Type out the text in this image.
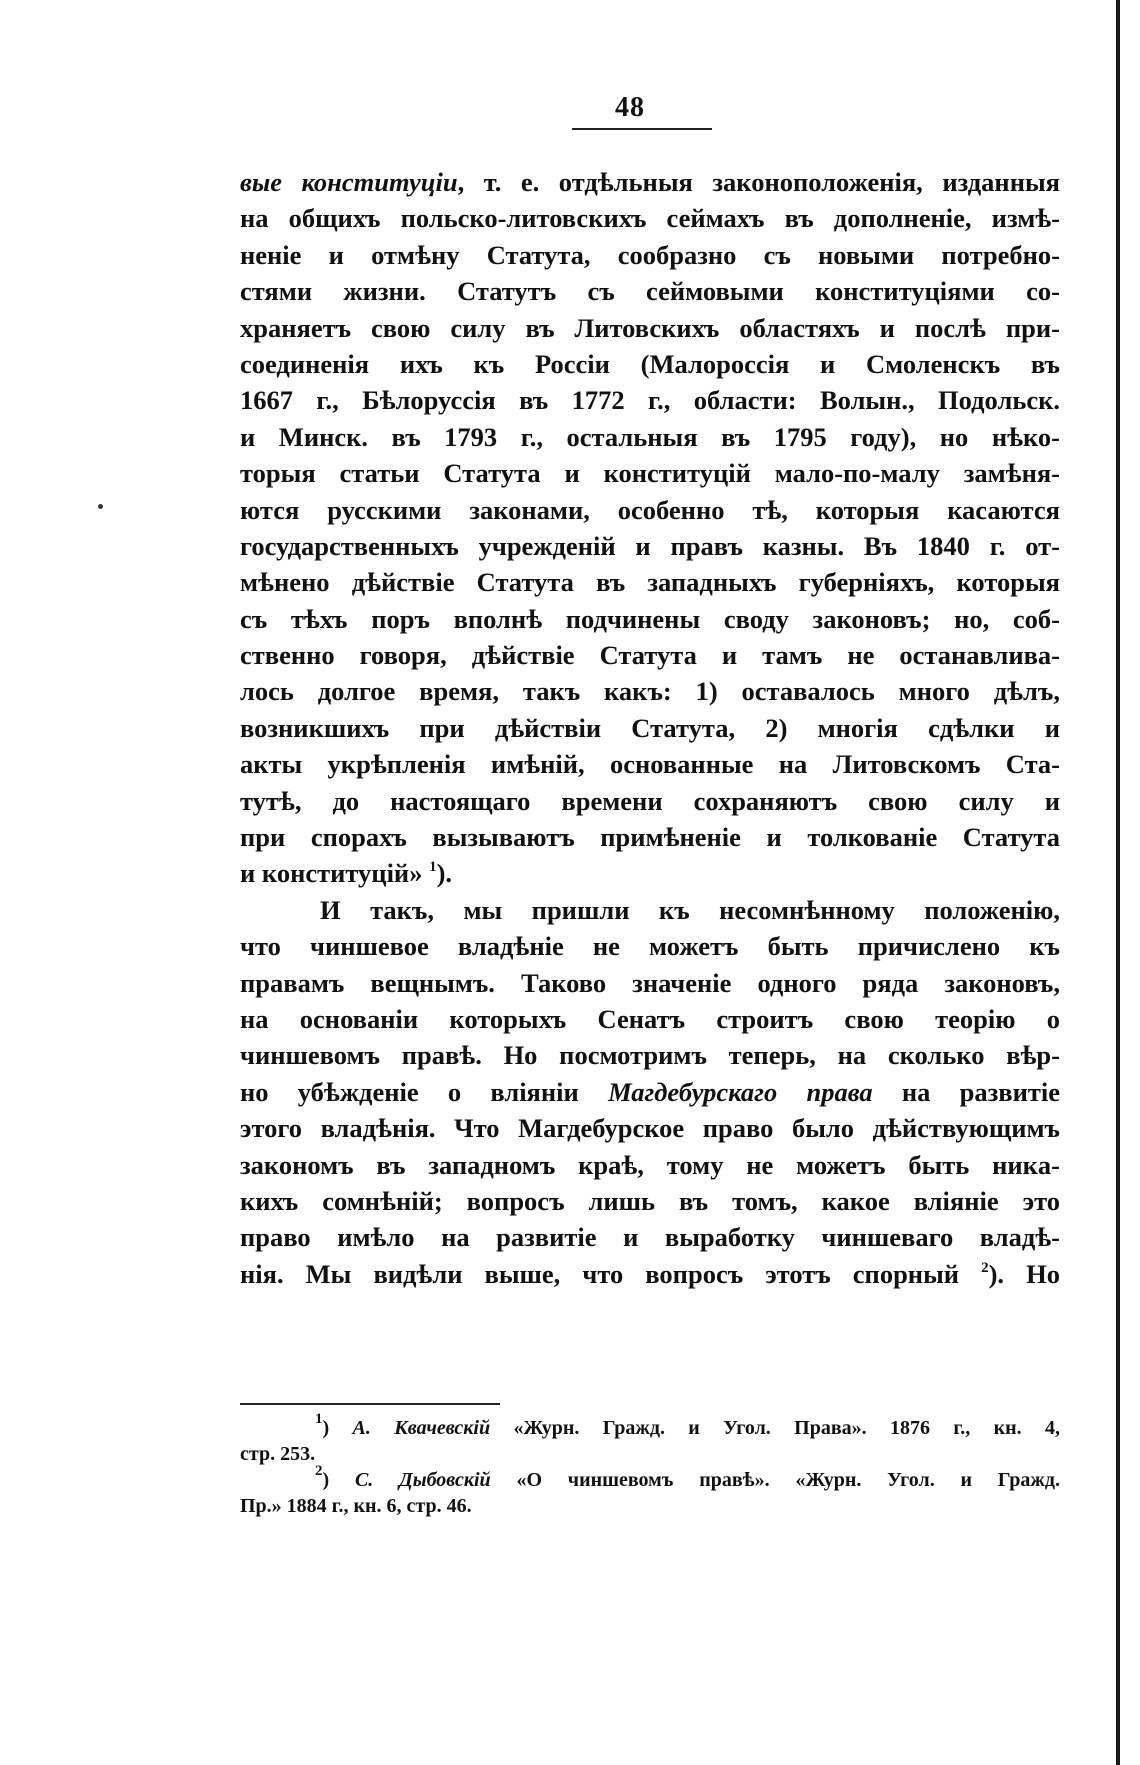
48
вые конституціи, т. е. отдѣльныя законоположенія, изданныя
на общихъ польско-литовскихъ сеймахъ въ дополненіе, измѣ-
неніе и отмѣну Статута, сообразно съ новыми потребно-
стями жизни. Статутъ съ сеймовыми конституціями со-
храняетъ свою силу въ Литовскихъ областяхъ и послѣ при-
соединенія ихъ къ Россіи (Малороссія и Смоленскъ въ
1667 г., Бѣлоруссія въ 1772 г., области: Волын., Подольск.
и Минск. въ 1793 г., остальныя въ 1795 году), но нѣко-
торыя статьи Статута и конституцій мало-по-малу замѣня-
ются русскими законами, особенно тѣ, которыя касаются
государственныхъ учрежденій и правъ казны. Въ 1840 г. от-
мѣнено дѣйствіе Статута въ западныхъ губерніяхъ, которыя
съ тѣхъ поръ вполнѣ подчинены своду законовъ; но, соб-
ственно говоря, дѣйствіе Статута и тамъ не останавлива-
лось долгое время, такъ какъ: 1) оставалось много дѣлъ,
возникшихъ при дѣйствіи Статута, 2) многія сдѣлки и
акты укрѣпленія имѣній, основанные на Литовскомъ Ста-
тутѣ, до настоящаго времени сохраняютъ свою силу и
при спорахъ вызываютъ примѣненіе и толкованіе Статута
и конституцій» $^1$).
И такъ, мы пришли къ несомнѣнному положенію,
что чиншевое владѣніе не можетъ быть причислено къ
правамъ вещнымъ. Таково значеніе одного ряда законовъ,
на основаніи которыхъ Сенатъ строитъ свою теорію о
чиншевомъ правѣ. Но посмотримъ теперь, на сколько вѣр-
но убѣжденіе о вліяніи Магдебурскаго права на развитіе
этого владѣнія. Что Магдебурское право было дѣйствующимъ
закономъ въ западномъ краѣ, тому не можетъ быть никa-
кихъ сомнѣній; вопросъ лишь въ томъ, какое вліяніе это
право имѣло на развитіе и выработку чиншеваго владѣ-
нія. Мы видѣли выше, что вопросъ этотъ спорный $^2$). Но
$^1$) А. Квачевскій «Журн. Гражд. и Угол. Права». 1876 г., кн. 4,
стр. 253.
$^2$) С. Дыбовскій «О чиншевомъ правѣ». «Журн. Угол. и Гражд.
Пр.» 1884 г., кн. 6, стр. 46.
